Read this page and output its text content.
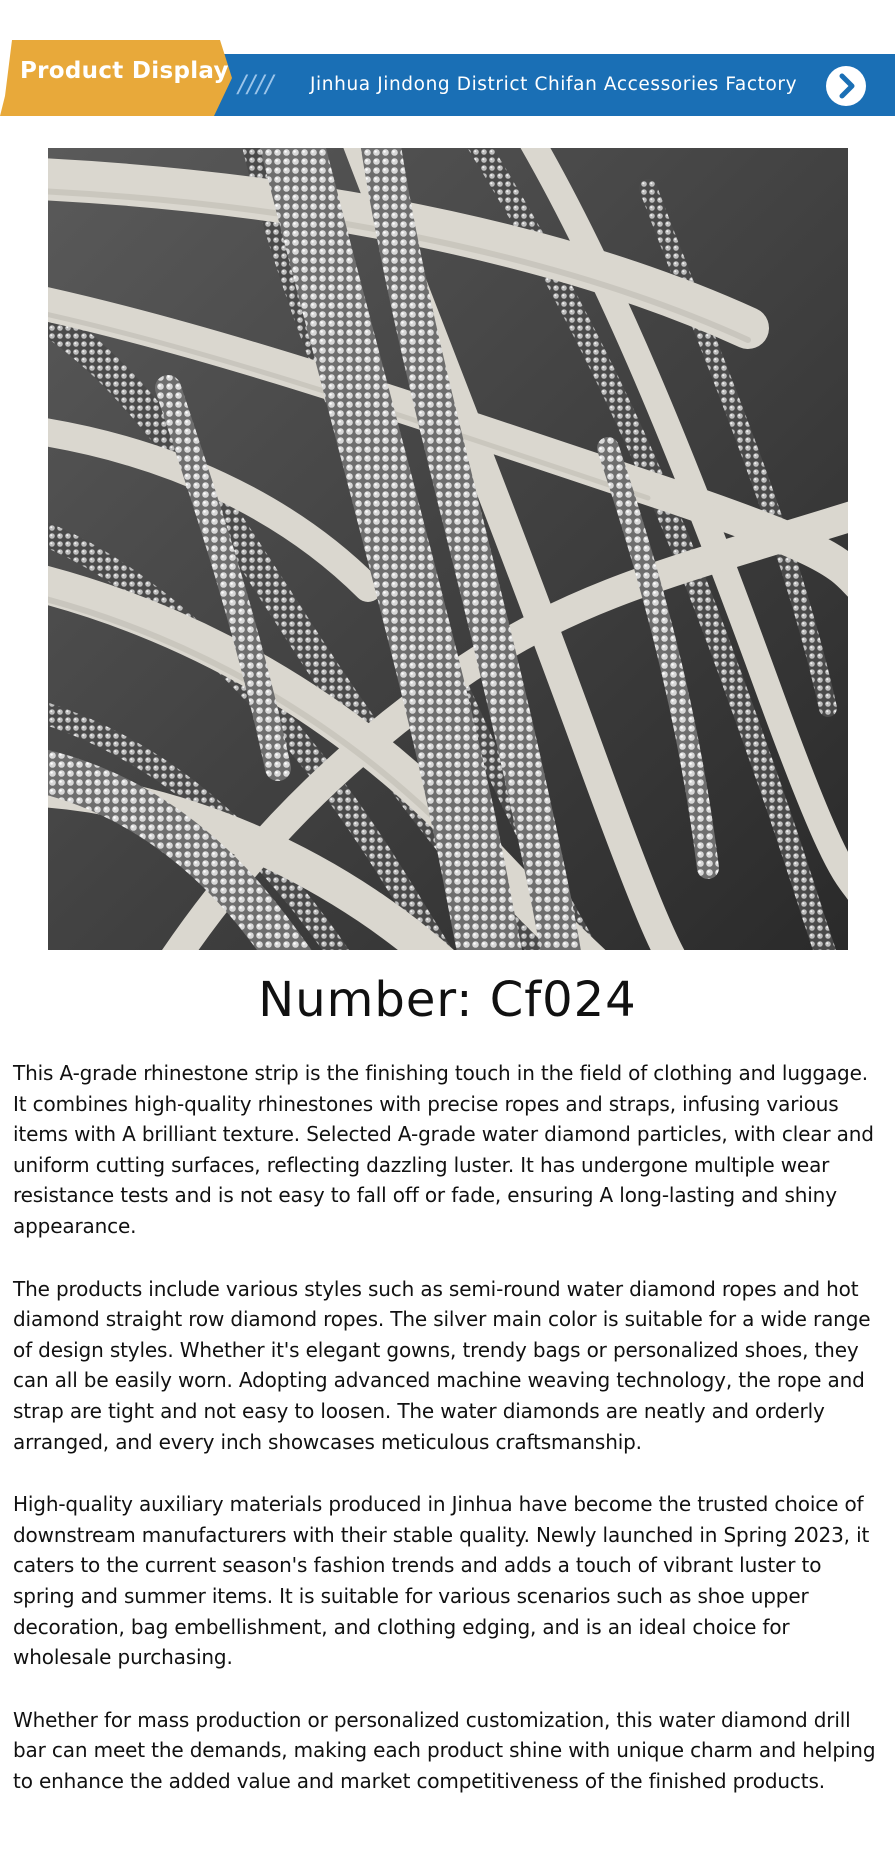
Product Display //// Jinhua Jindong District Chifan Accessories Factory
Number: Cf024

This A-grade rhinestone strip is the finishing touch in the field of clothing and luggage. It combines high-quality rhinestones with precise ropes and straps, infusing various items with A brilliant texture. Selected A-grade water diamond particles, with clear and uniform cutting surfaces, reflecting dazzling luster. It has undergone multiple wear resistance tests and is not easy to fall off or fade, ensuring A long-lasting and shiny appearance.

The products include various styles such as semi-round water diamond ropes and hot diamond straight row diamond ropes. The silver main color is suitable for a wide range of design styles. Whether it's elegant gowns, trendy bags or personalized shoes, they can all be easily worn. Adopting advanced machine weaving technology, the rope and strap are tight and not easy to loosen. The water diamonds are neatly and orderly arranged, and every inch showcases meticulous craftsmanship.

High-quality auxiliary materials produced in Jinhua have become the trusted choice of downstream manufacturers with their stable quality. Newly launched in Spring 2023, it caters to the current season's fashion trends and adds a touch of vibrant luster to spring and summer items. It is suitable for various scenarios such as shoe upper decoration, bag embellishment, and clothing edging, and is an ideal choice for wholesale purchasing.

Whether for mass production or personalized customization, this water diamond drill bar can meet the demands, making each product shine with unique charm and helping to enhance the added value and market competitiveness of the finished products.
